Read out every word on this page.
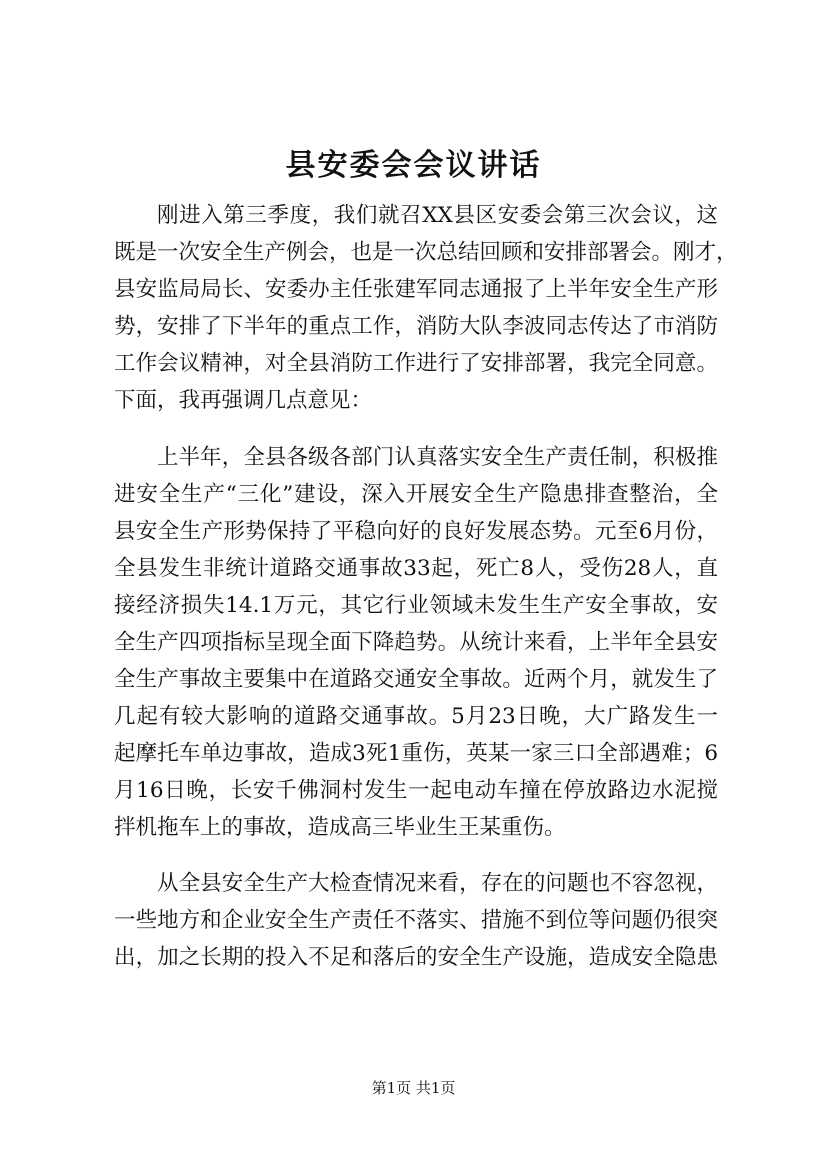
县安委会会议讲话

刚进入第三季度，我们就召XX县区安委会第三次会议，这

既是一次安全生产例会，也是一次总结回顾和安排部署会。刚才，

县安监局局长、安委办主任张建军同志通报了上半年安全生产形

势，安排了下半年的重点工作，消防大队李波同志传达了市消防

工作会议精神，对全县消防工作进行了安排部署，我完全同意。

下面，我再强调几点意见：

上半年，全县各级各部门认真落实安全生产责任制，积极推

进安全生产“三化”建设，深入开展安全生产隐患排查整治，全

县安全生产形势保持了平稳向好的良好发展态势。元至6月份，

全县发生非统计道路交通事故33起，死亡8人，受伤28人，直

接经济损失14.1万元，其它行业领域未发生生产安全事故，安

全生产四项指标呈现全面下降趋势。从统计来看，上半年全县安

全生产事故主要集中在道路交通安全事故。近两个月，就发生了

几起有较大影响的道路交通事故。5月23日晚，大广路发生一

起摩托车单边事故，造成3死1重伤，英某一家三口全部遇难；6

月16日晚，长安千佛洞村发生一起电动车撞在停放路边水泥搅

拌机拖车上的事故，造成高三毕业生王某重伤。

从全县安全生产大检查情况来看，存在的问题也不容忽视，

一些地方和企业安全生产责任不落实、措施不到位等问题仍很突

出，加之长期的投入不足和落后的安全生产设施，造成安全隐患

第1页 共1页
